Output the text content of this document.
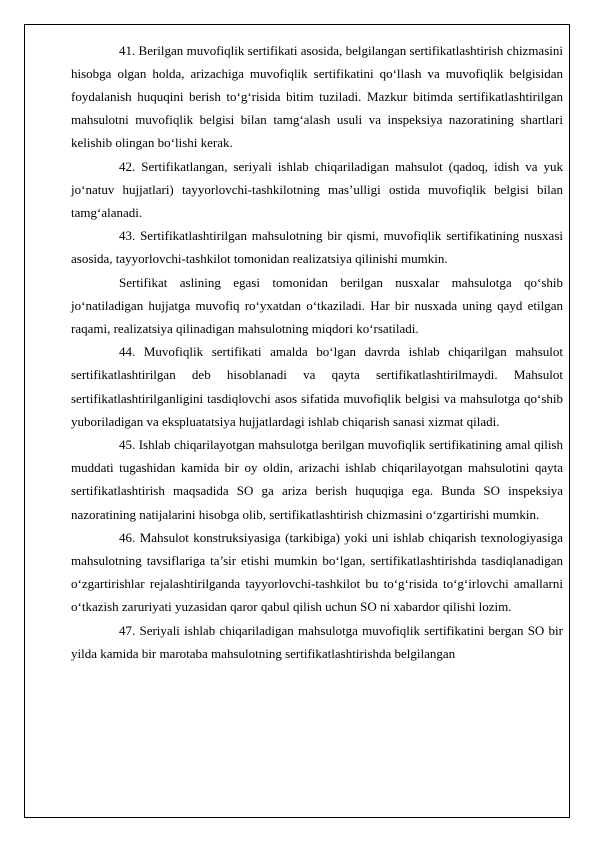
41. Berilgan muvofiqlik sertifikati asosida, belgilangan sertifikatlashtirish chizmasini hisobga olgan holda, arizachiga muvofiqlik sertifikatini qo‘llash va muvofiqlik belgisidan foydalanish huquqini berish to‘g‘risida bitim tuziladi. Mazkur bitimda sertifikatlashtirilgan mahsulotni muvofiqlik belgisi bilan tamg‘alash usuli va inspeksiya nazoratining shartlari kelishib olingan bo‘lishi kerak.

42. Sertifikatlangan, seriyali ishlab chiqariladigan mahsulot (qadoq, idish va yuk jo‘natuv hujjatlari) tayyorlovchi-tashkilotning mas’ulligi ostida muvofiqlik belgisi bilan tamg‘alanadi.

43. Sertifikatlashtirilgan mahsulotning bir qismi, muvofiqlik sertifikatining nusxasi asosida, tayyorlovchi-tashkilot tomonidan realizatsiya qilinishi mumkin.

Sertifikat aslining egasi tomonidan berilgan nusxalar mahsulotga qo‘shib jo‘natiladigan hujjatga muvofiq ro‘yxatdan o‘tkaziladi. Har bir nusxada uning qayd etilgan raqami, realizatsiya qilinadigan mahsulotning miqdori ko‘rsatiladi.

44. Muvofiqlik sertifikati amalda bo‘lgan davrda ishlab chiqarilgan mahsulot sertifikatlashtirilgan deb hisoblanadi va qayta sertifikatlashtirilmaydi. Mahsulot sertifikatlashtirilganligini tasdiqlovchi asos sifatida muvofiqlik belgisi va mahsulotga qo‘shib yuboriladigan va ekspluatatsiya hujjatlardagi ishlab chiqarish sanasi xizmat qiladi.

45. Ishlab chiqarilayotgan mahsulotga berilgan muvofiqlik sertifikatining amal qilish muddati tugashidan kamida bir oy oldin, arizachi ishlab chiqarilayotgan mahsulotini qayta sertifikatlashtirish maqsadida SO ga ariza berish huquqiga ega. Bunda SO inspeksiya nazoratining natijalarini hisobga olib, sertifikatlashtirish chizmasini o‘zgartirishi mumkin.

46. Mahsulot konstruksiyasiga (tarkibiga) yoki uni ishlab chiqarish texnologiyasiga mahsulotning tavsiflariga ta’sir etishi mumkin bo‘lgan, sertifikatlashtirishda tasdiqlanadigan o‘zgartirishlar rejalashtirilganda tayyorlovchi-tashkilot bu to‘g‘risida to‘g‘irlovchi amallarni o‘tkazish zaruriyati yuzasidan qaror qabul qilish uchun SO ni xabardor qilishi lozim.

47. Seriyali ishlab chiqariladigan mahsulotga muvofiqlik sertifikatini bergan SO bir yilda kamida bir marotaba mahsulotning sertifikatlashtirishda belgilangan
